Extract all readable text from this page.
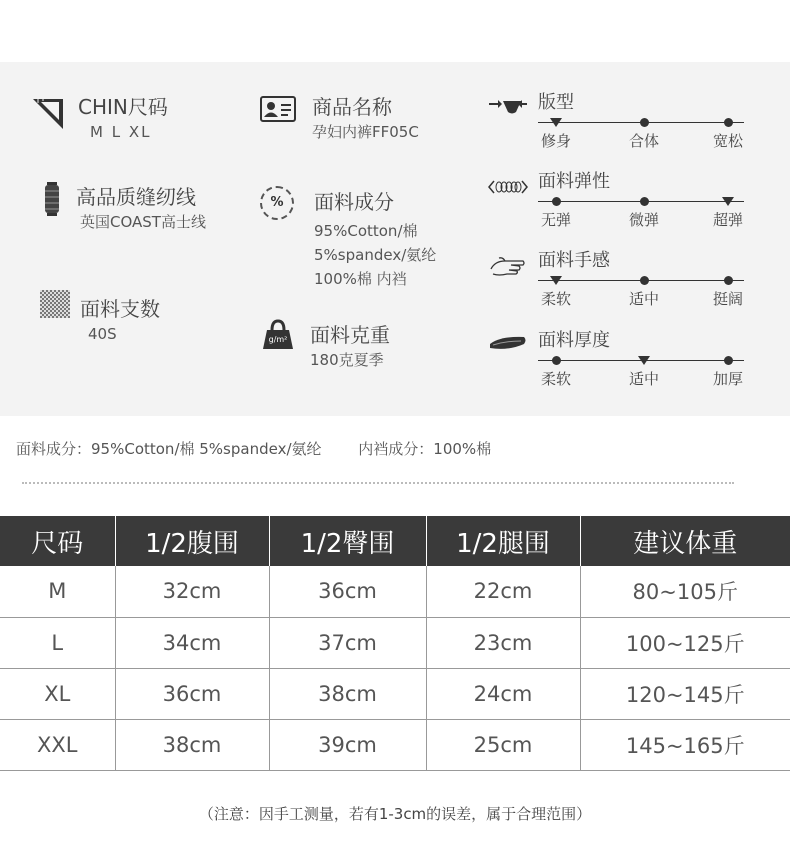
CHIN尺码
M L XL
高品质缝纫线
英国COAST高士线
面料支数
40S
商品名称
孕妇内裤FF05C
%	面料成分
95%Cotton/棉
5%spandex/氨纶
100%棉 内裆
g/m²	面料克重
180克夏季
版型
修身	合体	宽松
面料弹性
无弹	微弹	超弹
面料手感
柔软	适中	挺阔
面料厚度
柔软	适中	加厚
面料成分：95%Cotton/棉 5%spandex/氨纶 内裆成分：100%棉
尺码	1/2腹围	1/2臀围	1/2腿围	建议体重
M	32cm	36cm	22cm	80~105斤
L	34cm	37cm	23cm	100~125斤
XL	36cm	38cm	24cm	120~145斤
XXL	38cm	39cm	25cm	145~165斤
（注意：因手工测量，若有1-3cm的误差，属于合理范围）
